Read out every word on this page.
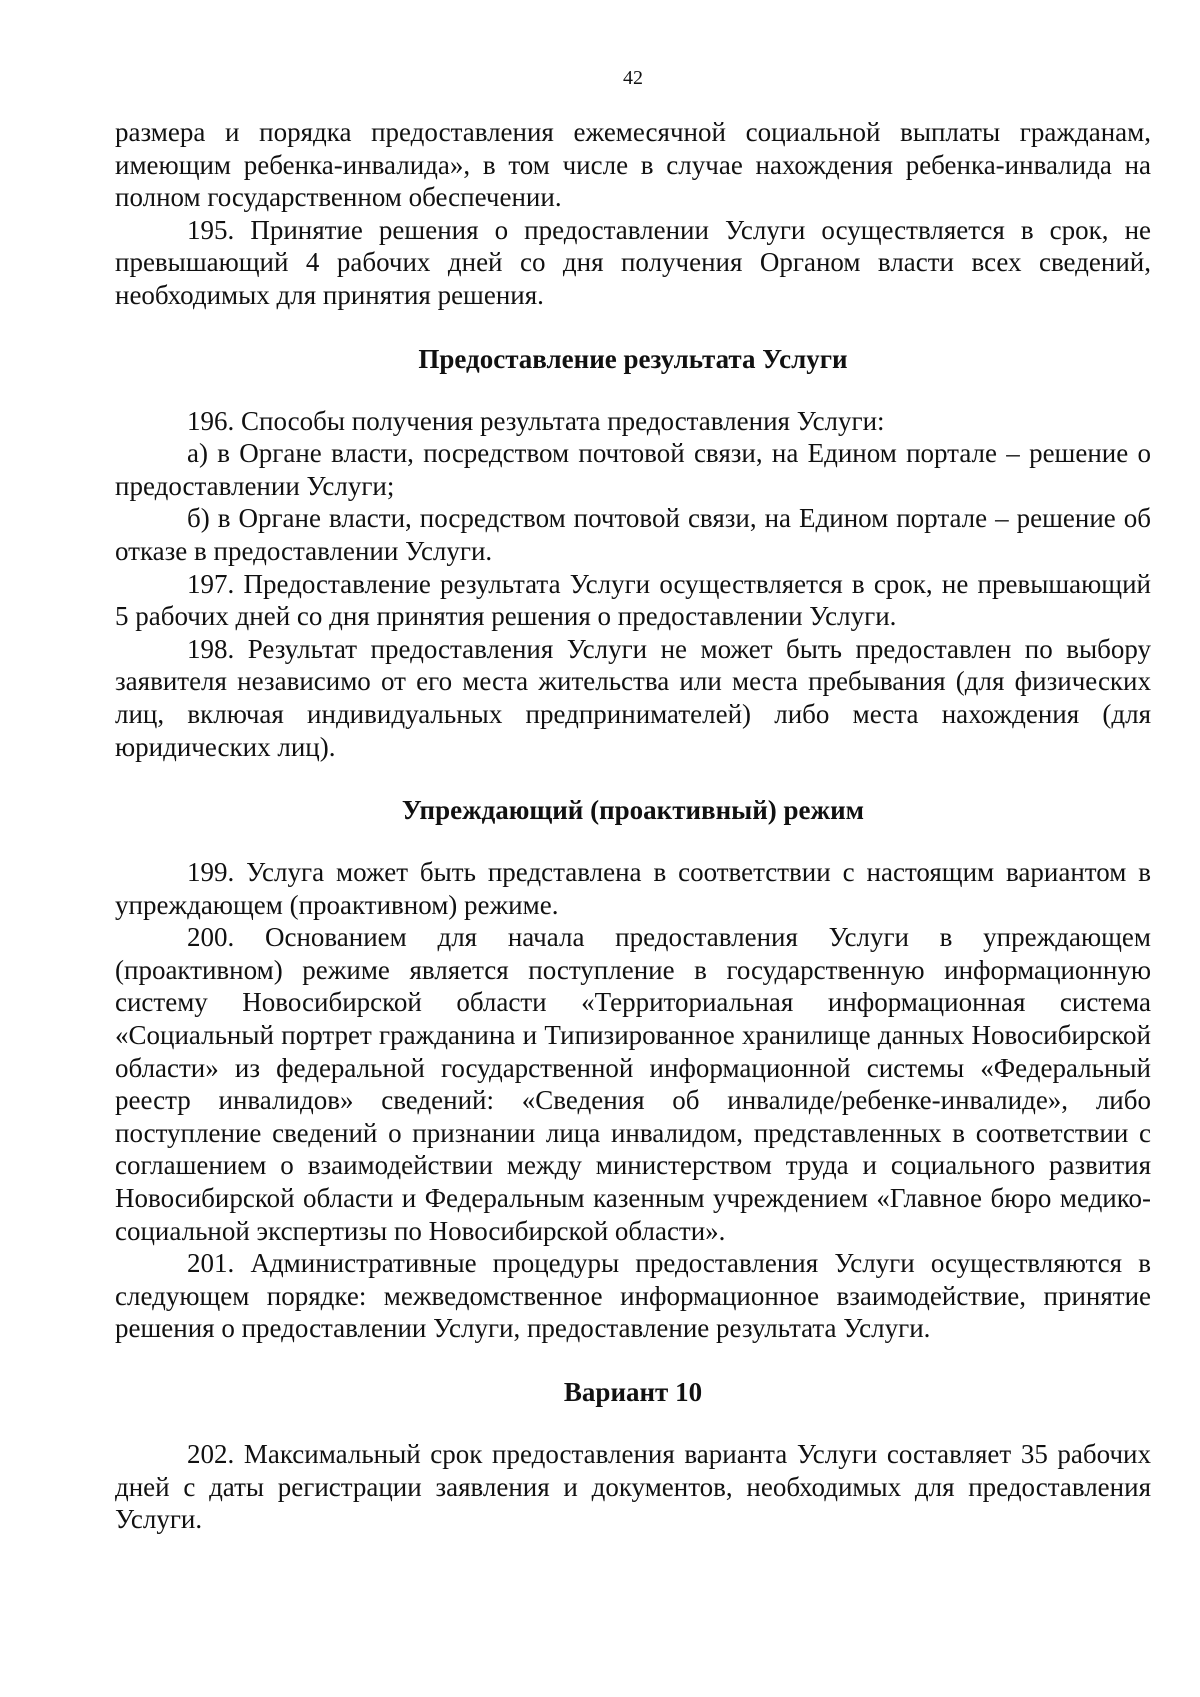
42

размера и порядка предоставления ежемесячной социальной выплаты гражданам, имеющим ребенка-инвалида», в том числе в случае нахождения ребенка-инвалида на полном государственном обеспечении.

195. Принятие решения о предоставлении Услуги осуществляется в срок, не превышающий 4 рабочих дней со дня получения Органом власти всех сведений, необходимых для принятия решения.

Предоставление результата Услуги

196. Способы получения результата предоставления Услуги:

а) в Органе власти, посредством почтовой связи, на Едином портале – решение о предоставлении Услуги;

б) в Органе власти, посредством почтовой связи, на Едином портале – решение об отказе в предоставлении Услуги.

197. Предоставление результата Услуги осуществляется в срок, не превышающий 5 рабочих дней со дня принятия решения о предоставлении Услуги.

198. Результат предоставления Услуги не может быть предоставлен по выбору заявителя независимо от его места жительства или места пребывания (для физических лиц, включая индивидуальных предпринимателей) либо места нахождения (для юридических лиц).

Упреждающий (проактивный) режим

199. Услуга может быть представлена в соответствии с настоящим вариантом в упреждающем (проактивном) режиме.

200. Основанием для начала предоставления Услуги в упреждающем (проактивном) режиме является поступление в государственную информационную систему Новосибирской области «Территориальная информационная система «Социальный портрет гражданина и Типизированное хранилище данных Новосибирской области» из федеральной государственной информационной системы «Федеральный реестр инвалидов» сведений: «Сведения об инвалиде/ребенке-инвалиде», либо поступление сведений о признании лица инвалидом, представленных в соответствии с соглашением о взаимодействии между министерством труда и социального развития Новосибирской области и Федеральным казенным учреждением «Главное бюро медико-социальной экспертизы по Новосибирской области».

201. Административные процедуры предоставления Услуги осуществляются в следующем порядке: межведомственное информационное взаимодействие, принятие решения о предоставлении Услуги, предоставление результата Услуги.

Вариант 10

202. Максимальный срок предоставления варианта Услуги составляет 35 рабочих дней с даты регистрации заявления и документов, необходимых для предоставления Услуги.
